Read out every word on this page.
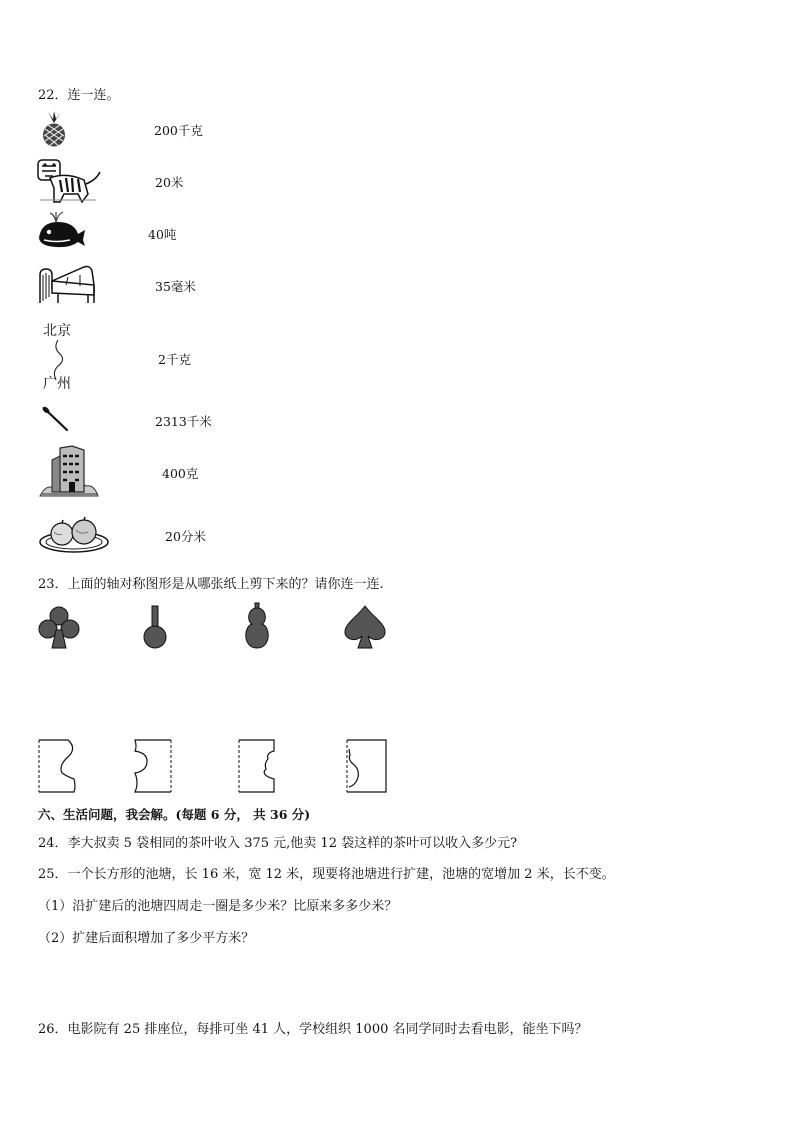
22．连一连。
200千克
20米
40吨
35毫米
北京
广州
2千克
2313千米
400克
20分米
23．上面的轴对称图形是从哪张纸上剪下来的？请你连一连.
六、生活问题，我会解。(每题 6 分， 共 36 分)
24．李大叔卖 5 袋相同的茶叶收入 375 元,他卖 12 袋这样的茶叶可以收入多少元?
25．一个长方形的池塘，长 16 米，宽 12 米，现要将池塘进行扩建，池塘的宽增加 2 米，长不变。
（1）沿扩建后的池塘四周走一圈是多少米？比原来多多少米？
（2）扩建后面积增加了多少平方米？
26．电影院有 25 排座位，每排可坐 41 人，学校组织 1000 名同学同时去看电影，能坐下吗？
